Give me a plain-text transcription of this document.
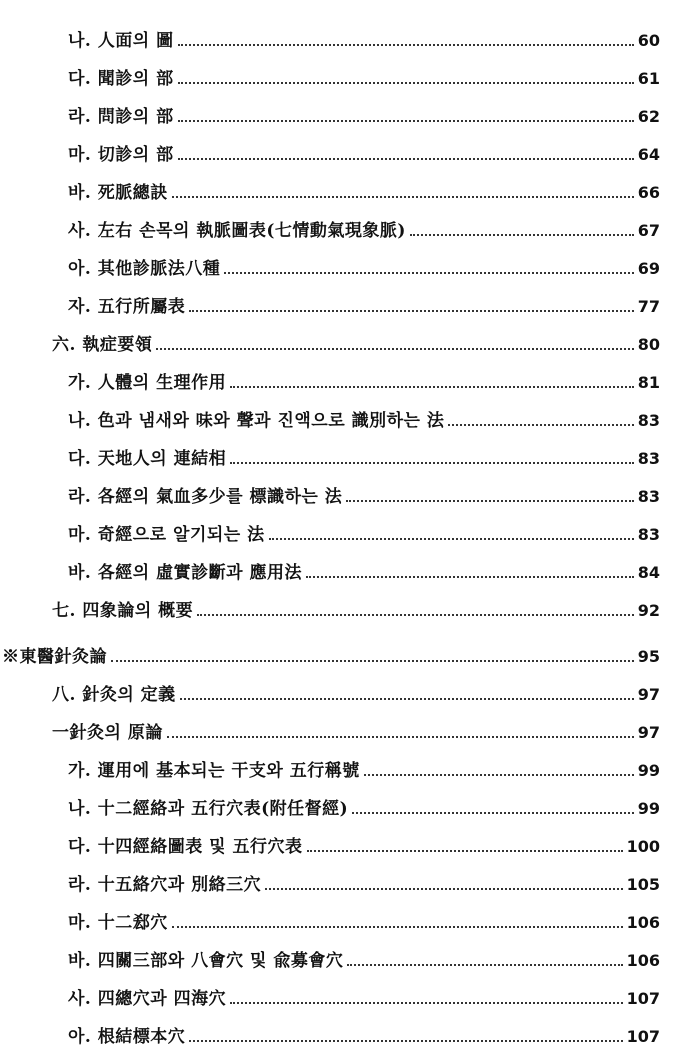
나. 人面의 圖	60
다. 聞診의 部	61
라. 問診의 部	62
마. 切診의 部	64
바. 死脈總訣	66
사. 左右 손목의 執脈圖表(七情動氣現象脈)	67
아. 其他診脈法八種	69
자. 五行所屬表	77
六. 執症要領	80
가. 人體의 生理作用	81
나. 色과 냄새와 味와 聲과 진액으로 識別하는 法	83
다. 天地人의 連結相	83
라. 各經의 氣血多少를 標識하는 法	83
마. 奇經으로 알기되는 法	83
바. 各經의 虛實診斷과 應用法	84
七. 四象論의 概要	92
※東醫針灸論	95
八. 針灸의 定義	97
一針灸의 原論	97
가. 運用에 基本되는 干支와 五行稱號	99
나. 十二經絡과 五行穴表(附任督經)	99
다. 十四經絡圖表 및 五行穴表	100
라. 十五絡穴과 別絡三穴	105
마. 十二郄穴	106
바. 四關三部와 八會穴 및 兪募會穴	106
사. 四總穴과 四海穴	107
아. 根結標本穴	107
